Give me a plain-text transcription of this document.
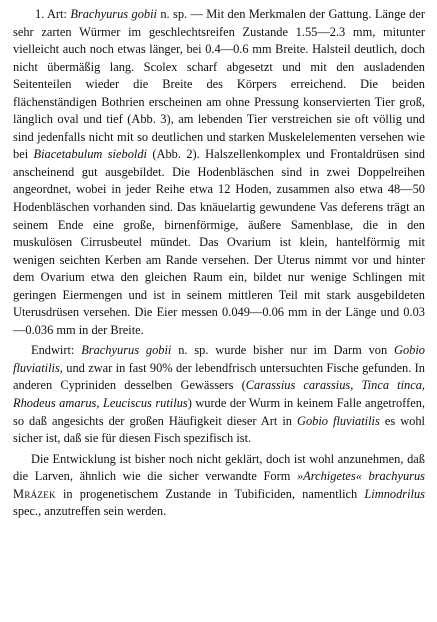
1. Art: Brachyurus gobii n. sp. — Mit den Merkmalen der Gattung. Länge der sehr zarten Würmer im geschlechtsreifen Zustande 1.55—2.3 mm, mitunter vielleicht auch noch etwas länger, bei 0.4—0.6 mm Breite. Halsteil deutlich, doch nicht übermäßig lang. Scolex scharf abgesetzt und mit den ausladenden Seitenteilen wieder die Breite des Körpers erreichend. Die beiden flächenständigen Bothrien erscheinen am ohne Pressung konservierten Tier groß, länglich oval und tief (Abb. 3), am lebenden Tier verstreichen sie oft völlig und sind jedenfalls nicht mit so deutlichen und starken Muskelelementen versehen wie bei Biacetabulum sieboldi (Abb. 2). Halszellenkomplex und Frontaldrüsen sind anscheinend gut ausgebildet. Die Hodenbläschen sind in zwei Doppelreihen angeordnet, wobei in jeder Reihe etwa 12 Hoden, zusammen also etwa 48—50 Hodenbläschen vorhanden sind. Das knäuelartig gewundene Vas deferens trägt an seinem Ende eine große, birnenförmige, äußere Samenblase, die in den muskulösen Cirrusbeutel mündet. Das Ovarium ist klein, hantelförmig mit wenigen seichten Kerben am Rande versehen. Der Uterus nimmt vor und hinter dem Ovarium etwa den gleichen Raum ein, bildet nur wenige Schlingen mit geringen Eiermengen und ist in seinem mittleren Teil mit stark ausgebildeten Uterusdrüsen versehen. Die Eier messen 0.049—0.06 mm in der Länge und 0.03—0.036 mm in der Breite.

Endwirt: Brachyurus gobii n. sp. wurde bisher nur im Darm von Gobio fluviatilis, und zwar in fast 90% der lebendfrisch untersuchten Fische gefunden. In anderen Cypriniden desselben Gewässers (Carassius carassius, Tinca tinca, Rhodeus amarus, Leuciscus rutilus) wurde der Wurm in keinem Falle angetroffen, so daß angesichts der großen Häufigkeit dieser Art in Gobio fluviatilis es wohl sicher ist, daß sie für diesen Fisch spezifisch ist.

Die Entwicklung ist bisher noch nicht geklärt, doch ist wohl anzunehmen, daß die Larven, ähnlich wie die sicher verwandte Form »Archigetes« brachyurus Mrázek in progenetischem Zustande in Tubificiden, namentlich Limnodrilus spec., anzutreffen sein werden.
